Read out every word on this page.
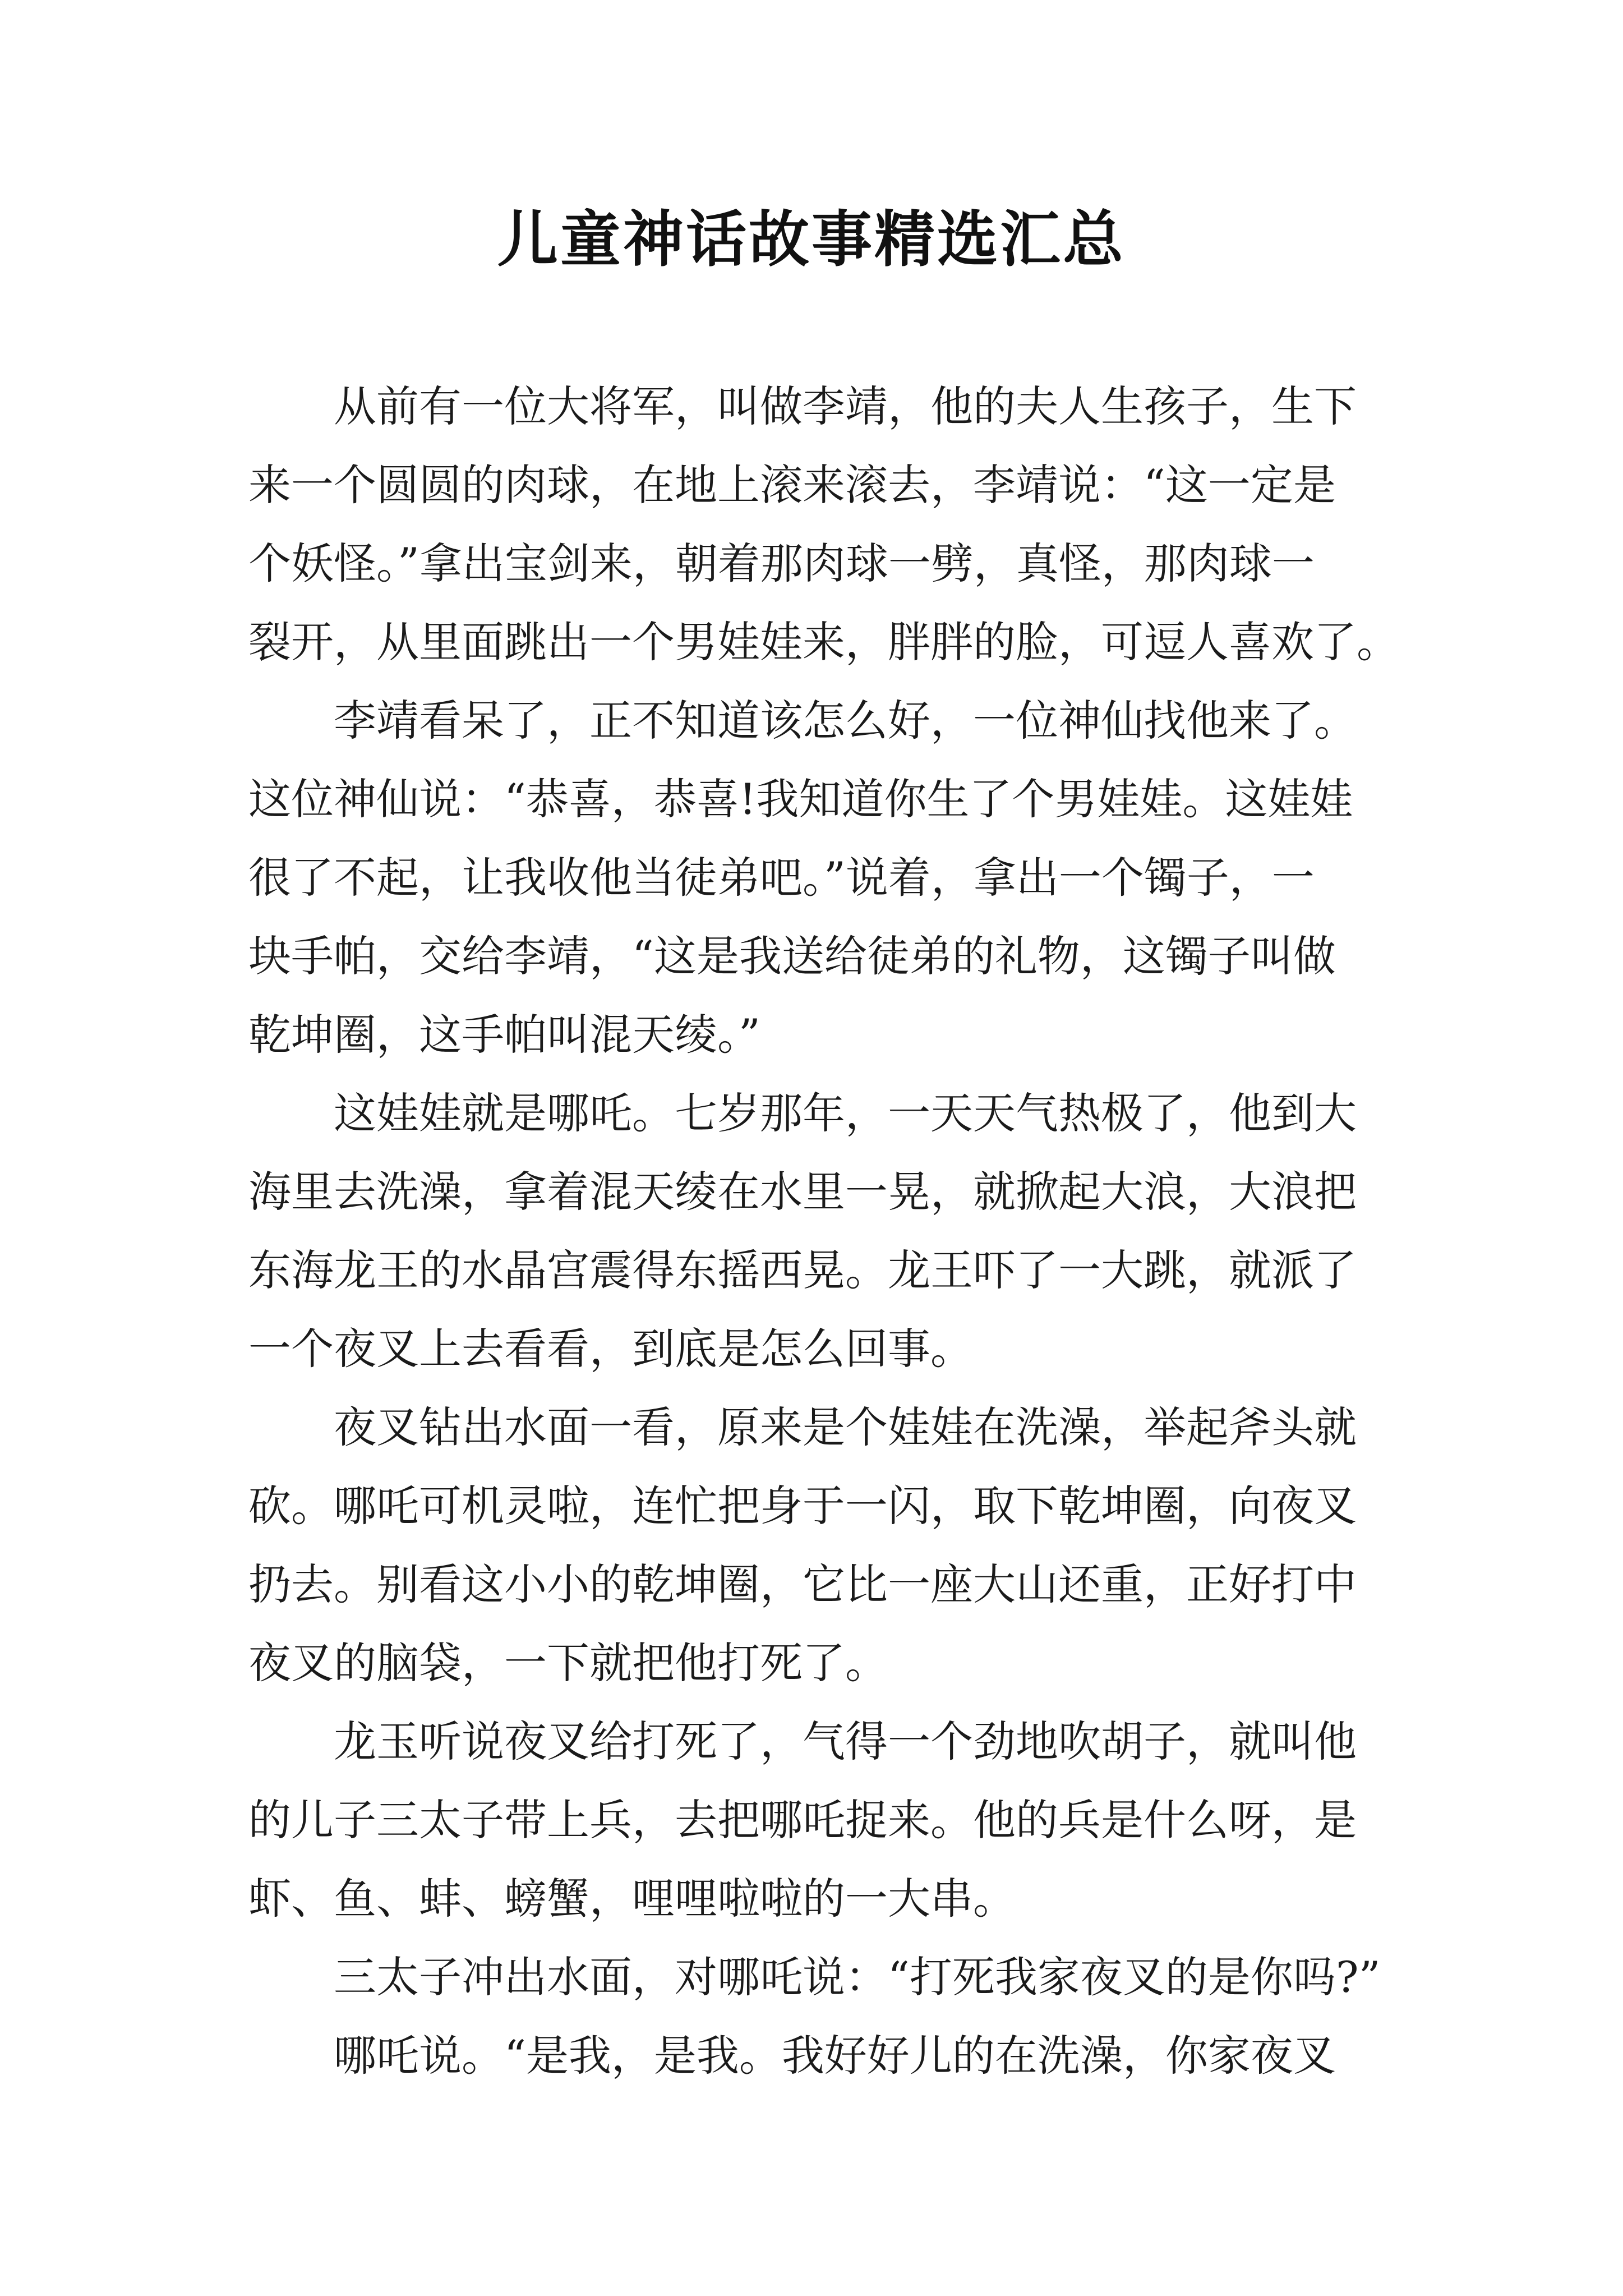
儿童神话故事精选汇总

从前有一位大将军，叫做李靖，他的夫人生孩子，生下
来一个圆圆的肉球，在地上滚来滚去，李靖说：“这一定是
个妖怪。”拿出宝剑来，朝着那肉球一劈，真怪，那肉球一
裂开，从里面跳出一个男娃娃来，胖胖的脸，可逗人喜欢了。

李靖看呆了，正不知道该怎么好，一位神仙找他来了。
这位神仙说：“恭喜，恭喜!我知道你生了个男娃娃。这娃娃
很了不起，让我收他当徒弟吧。”说着，拿出一个镯子，一
块手帕，交给李靖，“这是我送给徒弟的礼物，这镯子叫做
乾坤圈，这手帕叫混天绫。”

这娃娃就是哪吒。七岁那年，一天天气热极了，他到大
海里去洗澡，拿着混天绫在水里一晃，就掀起大浪，大浪把
东海龙王的水晶宫震得东摇西晃。龙王吓了一大跳，就派了
一个夜叉上去看看，到底是怎么回事。

夜叉钻出水面一看，原来是个娃娃在洗澡，举起斧头就
砍。哪吒可机灵啦，连忙把身于一闪，取下乾坤圈，向夜叉
扔去。别看这小小的乾坤圈，它比一座大山还重，正好打中
夜叉的脑袋，一下就把他打死了。

龙玉听说夜叉给打死了，气得一个劲地吹胡子，就叫他
的儿子三太子带上兵，去把哪吒捉来。他的兵是什么呀，是
虾、鱼、蚌、螃蟹，哩哩啦啦的一大串。

三太子冲出水面，对哪吒说：“打死我家夜叉的是你吗?”

哪吒说。“是我，是我。我好好儿的在洗澡，你家夜叉
